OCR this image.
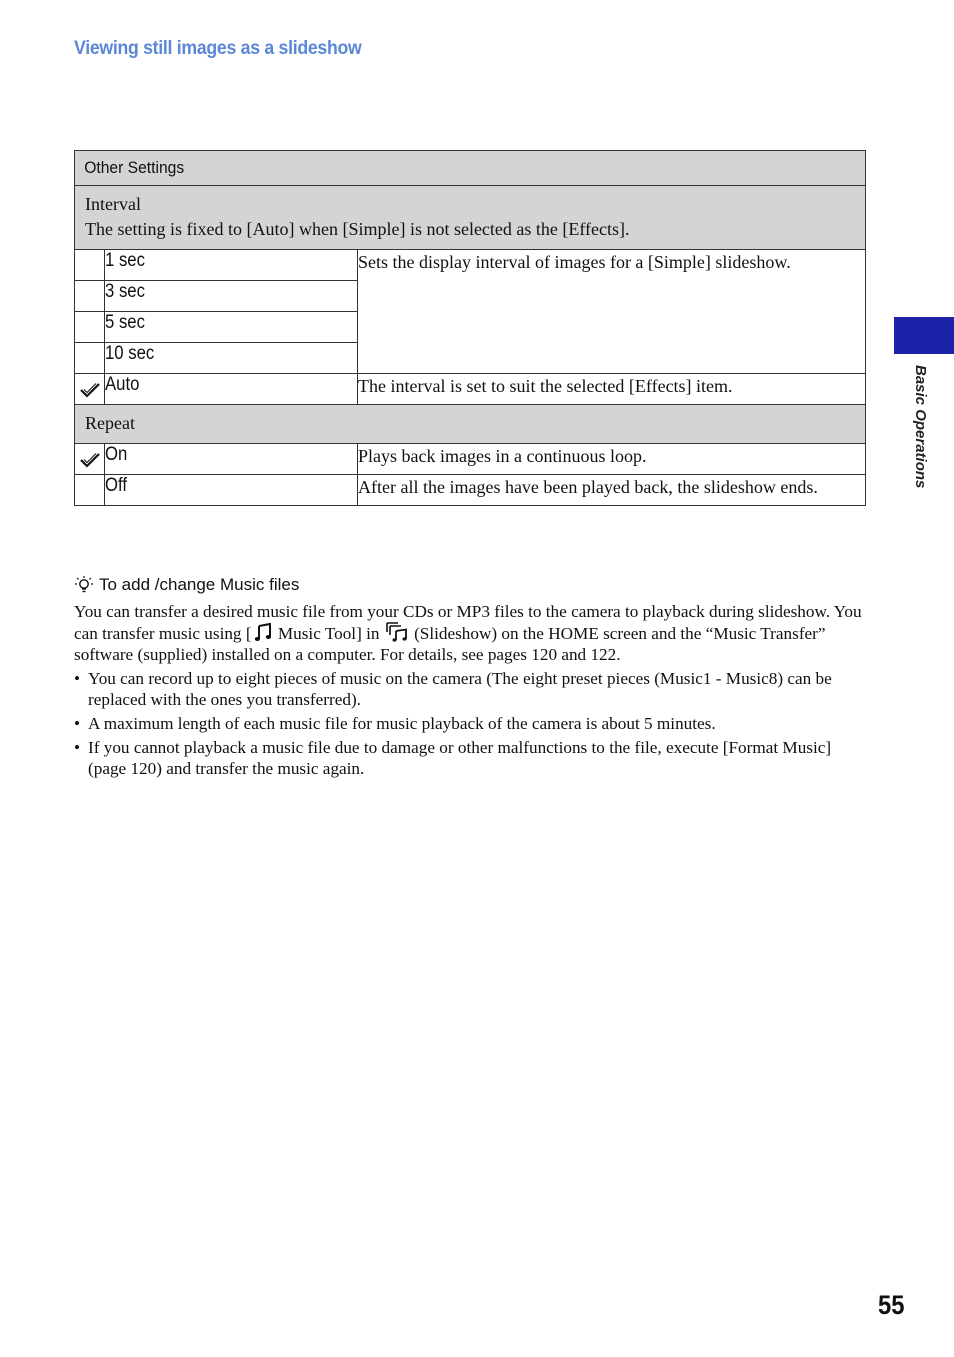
Viewing still images as a slideshow
Other Settings		

Interval
The setting is fixed to [Auto] when [Simple] is not selected as the [Effects].		

	1 sec	Sets the display interval of images for a [Simple] slideshow.
	3 sec	
	5 sec	
	10 sec	

	Auto	The interval is set to suit the selected [Effects] item.

Repeat		

	On	Plays back images in a continuous loop.
	Off	After all the images have been played back, the slideshow ends.
To add /change Music files

You can transfer a desired music file from your CDs or MP3 files to the camera to playback during slideshow. You can transfer music using [ Music Tool] in  (Slideshow) on the HOME screen and the “Music Transfer” software (supplied) installed on a computer. For details, see pages 120 and 122.

• You can record up to eight pieces of music on the camera (The eight preset pieces (Music1 - Music8) can be replaced with the ones you transferred).
• A maximum length of each music file for music playback of the camera is about 5 minutes.
• If you cannot playback a music file due to damage or other malfunctions to the file, execute [Format Music] (page 120) and transfer the music again.
Basic Operations
55
